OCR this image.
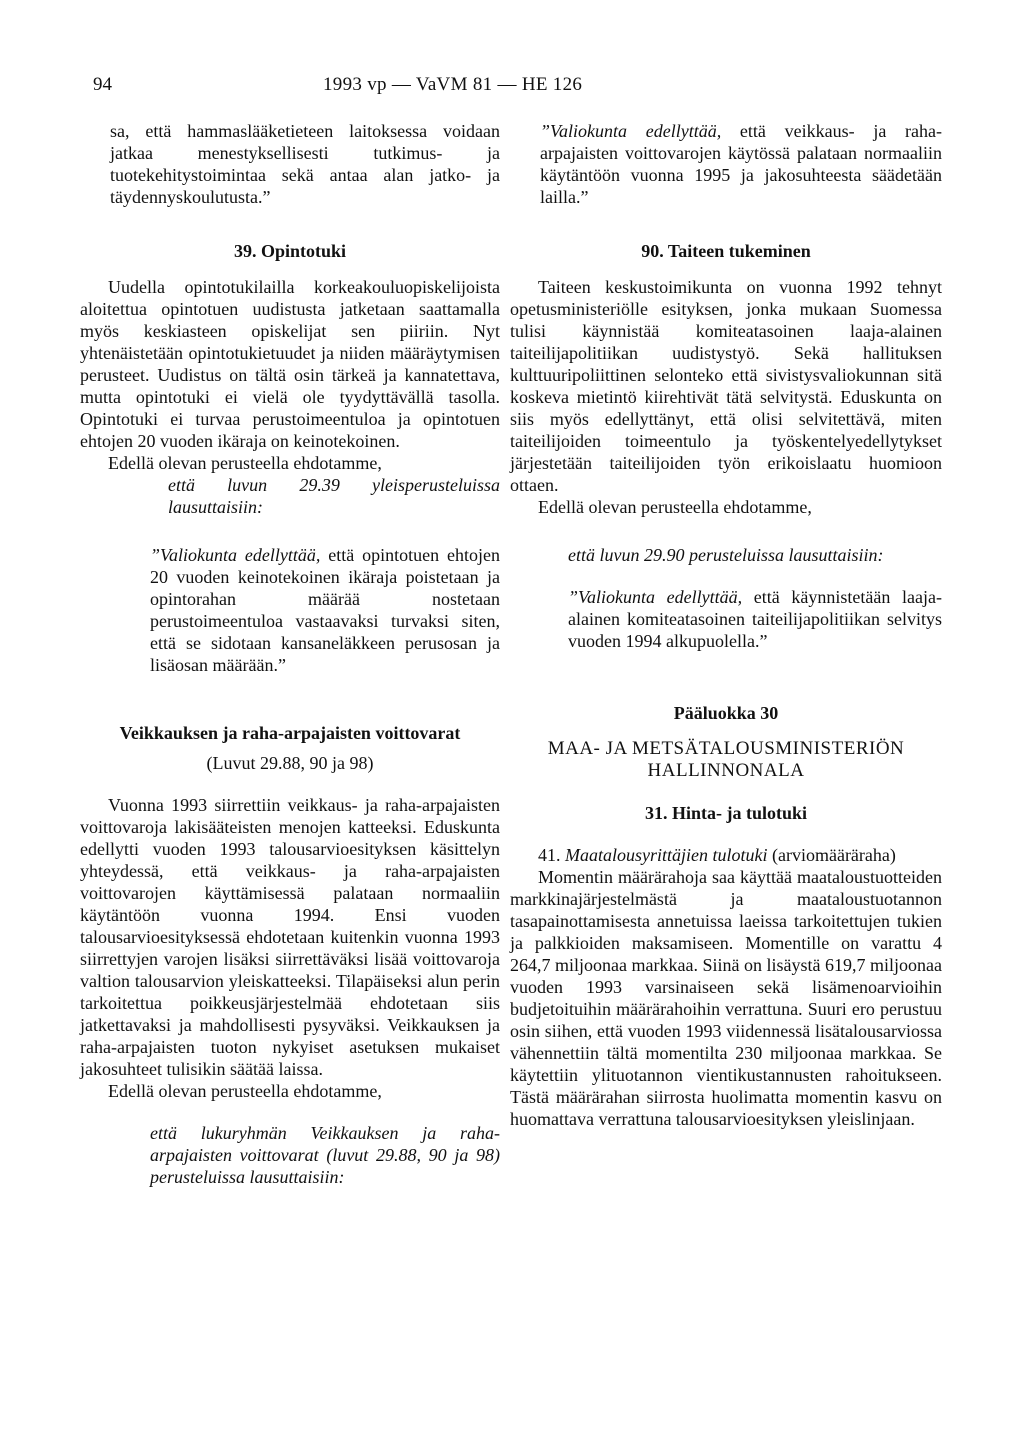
94	1993 vp — VaVM 81 — HE 126

sa, että hammaslääketieteen laitoksessa voidaan jatkaa menestyksellisesti tutkimus- ja tuotekehitystoimintaa sekä antaa alan jatko- ja täydennyskoulutusta.”

39. Opintotuki

Uudella opintotukilailla korkeakouluopiskelijoista aloitettua opintotuen uudistusta jatketaan saattamalla myös keskiasteen opiskelijat sen piiriin. Nyt yhtenäistetään opintotukietuudet ja niiden määräytymisen perusteet. Uudistus on tältä osin tärkeä ja kannatettava, mutta opintotuki ei vielä ole tyydyttävällä tasolla. Opintotuki ei turvaa perustoimeentuloa ja opintotuen ehtojen 20 vuoden ikäraja on keinotekoinen.

Edellä olevan perusteella ehdotamme,

että luvun 29.39 yleisperusteluissa lausuttaisiin:

”Valiokunta edellyttää, että opintotuen ehtojen 20 vuoden keinotekoinen ikäraja poistetaan ja opintorahan määrää nostetaan perustoimeentuloa vastaavaksi turvaksi siten, että se sidotaan kansaneläkkeen perusosan ja lisäosan määrään.”

Veikkauksen ja raha-arpajaisten voittovarat

(Luvut 29.88, 90 ja 98)

Vuonna 1993 siirrettiin veikkaus- ja raha-arpajaisten voittovaroja lakisääteisten menojen katteeksi. Eduskunta edellytti vuoden 1993 talousarvioesityksen käsittelyn yhteydessä, että veikkaus- ja raha-arpajaisten voittovarojen käyttämisessä palataan normaaliin käytäntöön vuonna 1994. Ensi vuoden talousarvioesityksessä ehdotetaan kuitenkin vuonna 1993 siirrettyjen varojen lisäksi siirrettäväksi lisää voittovaroja valtion talousarvion yleiskatteeksi. Tilapäiseksi alun perin tarkoitettua poikkeusjärjestelmää ehdotetaan siis jatkettavaksi ja mahdollisesti pysyväksi. Veikkauksen ja raha-arpajaisten tuoton nykyiset asetuksen mukaiset jakosuhteet tulisikin säätää laissa.

Edellä olevan perusteella ehdotamme,

että lukuryhmän Veikkauksen ja raha-arpajaisten voittovarat (luvut 29.88, 90 ja 98) perusteluissa lausuttaisiin:

”Valiokunta edellyttää, että veikkaus- ja raha-arpajaisten voittovarojen käytössä palataan normaaliin käytäntöön vuonna 1995 ja jakosuhteesta säädetään lailla.”

90. Taiteen tukeminen

Taiteen keskustoimikunta on vuonna 1992 tehnyt opetusministeriölle esityksen, jonka mukaan Suomessa tulisi käynnistää komiteatasoinen laaja-alainen taiteilijapolitiikan uudistystyö. Sekä hallituksen kulttuuripoliittinen selonteko että sivistysvaliokunnan sitä koskeva mietintö kiirehtivät tätä selvitystä. Eduskunta on siis myös edellyttänyt, että olisi selvitettävä, miten taiteilijoiden toimeentulo ja työskentelyedellytykset järjestetään taiteilijoiden työn erikoislaatu huomioon ottaen.

Edellä olevan perusteella ehdotamme,

että luvun 29.90 perusteluissa lausuttaisiin:

”Valiokunta edellyttää, että käynnistetään laaja-alainen komiteatasoinen taiteilijapolitiikan selvitys vuoden 1994 alkupuolella.”

Pääluokka 30

MAA- JA METSÄTALOUSMINISTERIÖN

HALLINNONALA

31. Hinta- ja tulotuki

41. Maatalousyrittäjien tulotuki (arviomääräraha)

Momentin määrärahoja saa käyttää maataloustuotteiden markkinajärjestelmästä ja maataloustuotannon tasapainottamisesta annetuissa laeissa tarkoitettujen tukien ja palkkioiden maksamiseen. Momentille on varattu 4 264,7 miljoonaa markkaa. Siinä on lisäystä 619,7 miljoonaa vuoden 1993 varsinaiseen sekä lisämenoarvioihin budjetoituihin määrärahoihin verrattuna. Suuri ero perustuu osin siihen, että vuoden 1993 viidennessä lisätalousarviossa vähennettiin tältä momentilta 230 miljoonaa markkaa. Se käytettiin ylituotannon vientikustannusten rahoitukseen. Tästä määrärahan siirrosta huolimatta momentin kasvu on huomattava verrattuna talousarvioesityksen yleislinjaan.
